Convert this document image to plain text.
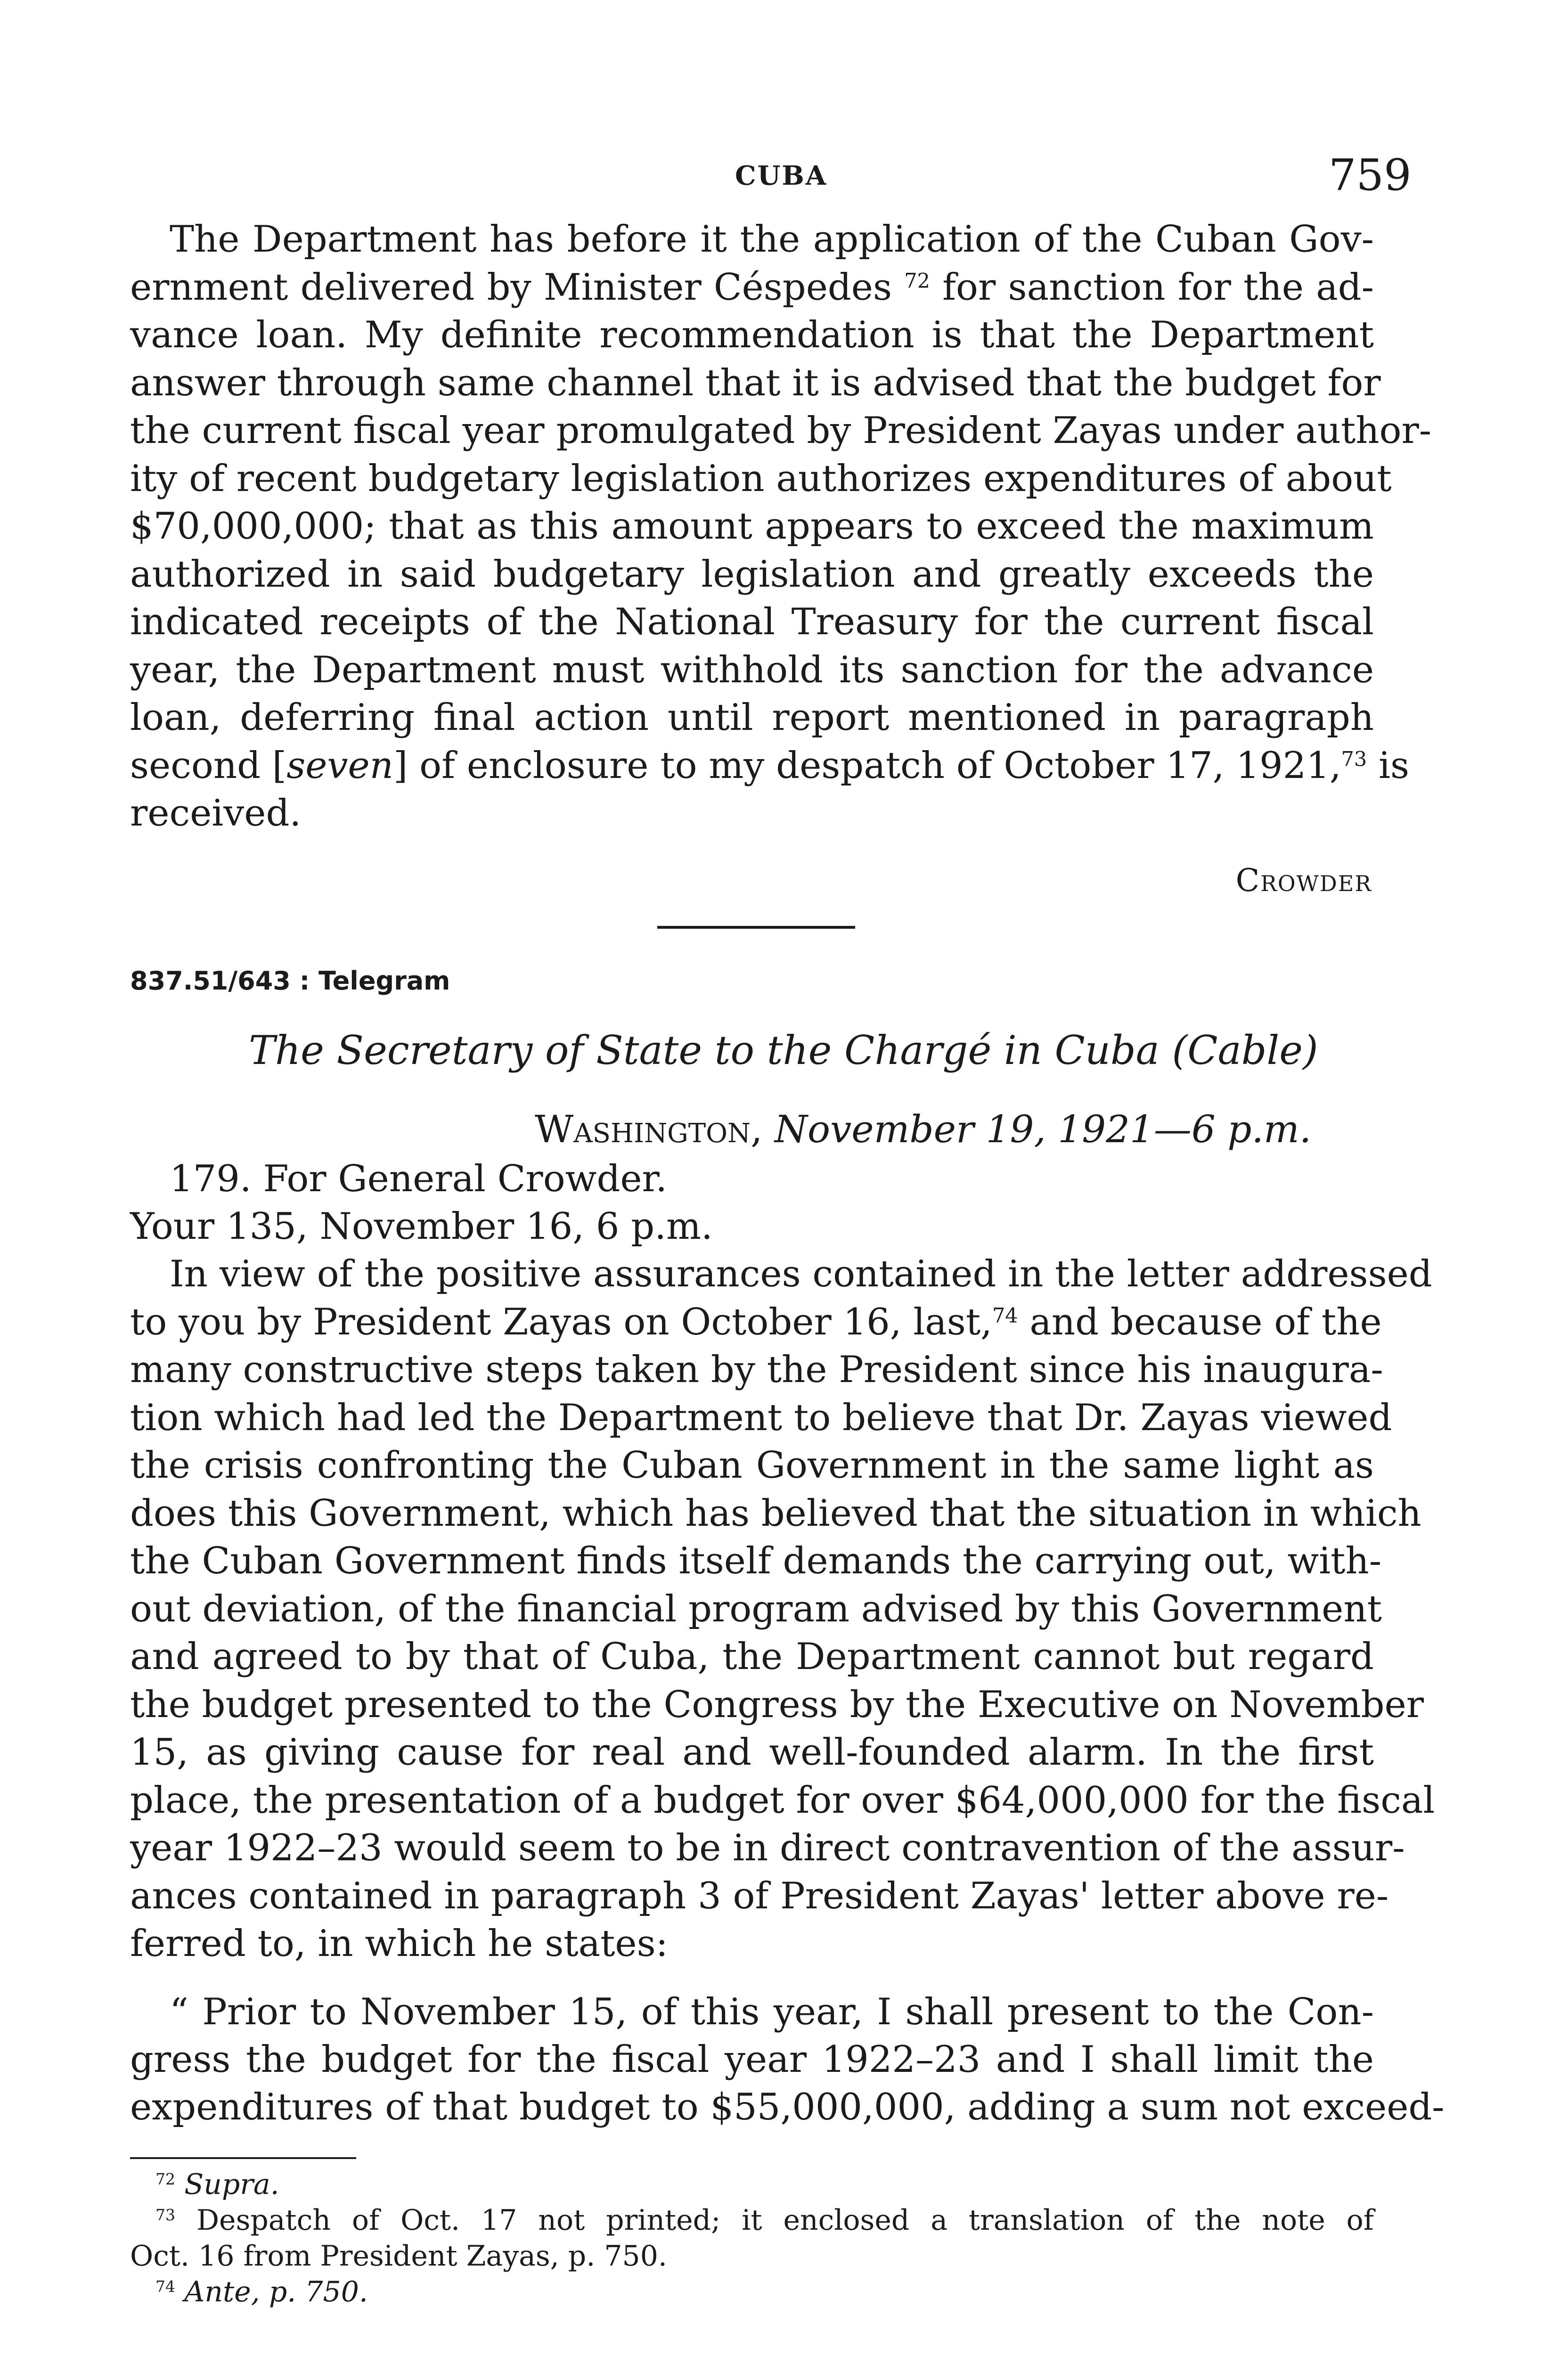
CUBA	759

The Department has before it the application of the Cuban Gov-

ernment delivered by Minister Céspedes $^{72}$ for sanction for the ad-

vance loan. My definite recommendation is that the Department

answer through same channel that it is advised that the budget for

the current fiscal year promulgated by President Zayas under author-

ity of recent budgetary legislation authorizes expenditures of about

$70,000,000; that as this amount appears to exceed the maximum

authorized in said budgetary legislation and greatly exceeds the

indicated receipts of the National Treasury for the current fiscal

year, the Department must withhold its sanction for the advance

loan, deferring final action until report mentioned in paragraph

second [seven] of enclosure to my despatch of October 17, 1921,73 is

received.

Crowder
837.51/643 : Telegram
The Secretary of State to the Chargé in Cuba (Cable)
Washington, November 19, 1921—6 p.m.

179. For General Crowder.

Your 135, November 16, 6 p.m.

In view of the positive assurances contained in the letter addressed

to you by President Zayas on October 16, last,$^{74}$ and because of the

many constructive steps taken by the President since his inaugura-

tion which had led the Department to believe that Dr. Zayas viewed

the crisis confronting the Cuban Government in the same light as

does this Government, which has believed that the situation in which

the Cuban Government finds itself demands the carrying out, with-

out deviation, of the financial program advised by this Government

and agreed to by that of Cuba, the Department cannot but regard

the budget presented to the Congress by the Executive on November

15, as giving cause for real and well-founded alarm. In the first

place, the presentation of a budget for over $64,000,000 for the fiscal

year 1922–23 would seem to be in direct contravention of the assur-

ances contained in paragraph 3 of President Zayas' letter above re-

ferred to, in which he states:

“ Prior to November 15, of this year, I shall present to the Con-

gress the budget for the fiscal year 1922–23 and I shall limit the

expenditures of that budget to $55,000,000, adding a sum not exceed-

$^{72}$ Supra.

$^{73}$ Despatch of Oct. 17 not printed; it enclosed a translation of the note of

Oct. 16 from President Zayas, p. 750.

$^{74}$ Ante, p. 750.
